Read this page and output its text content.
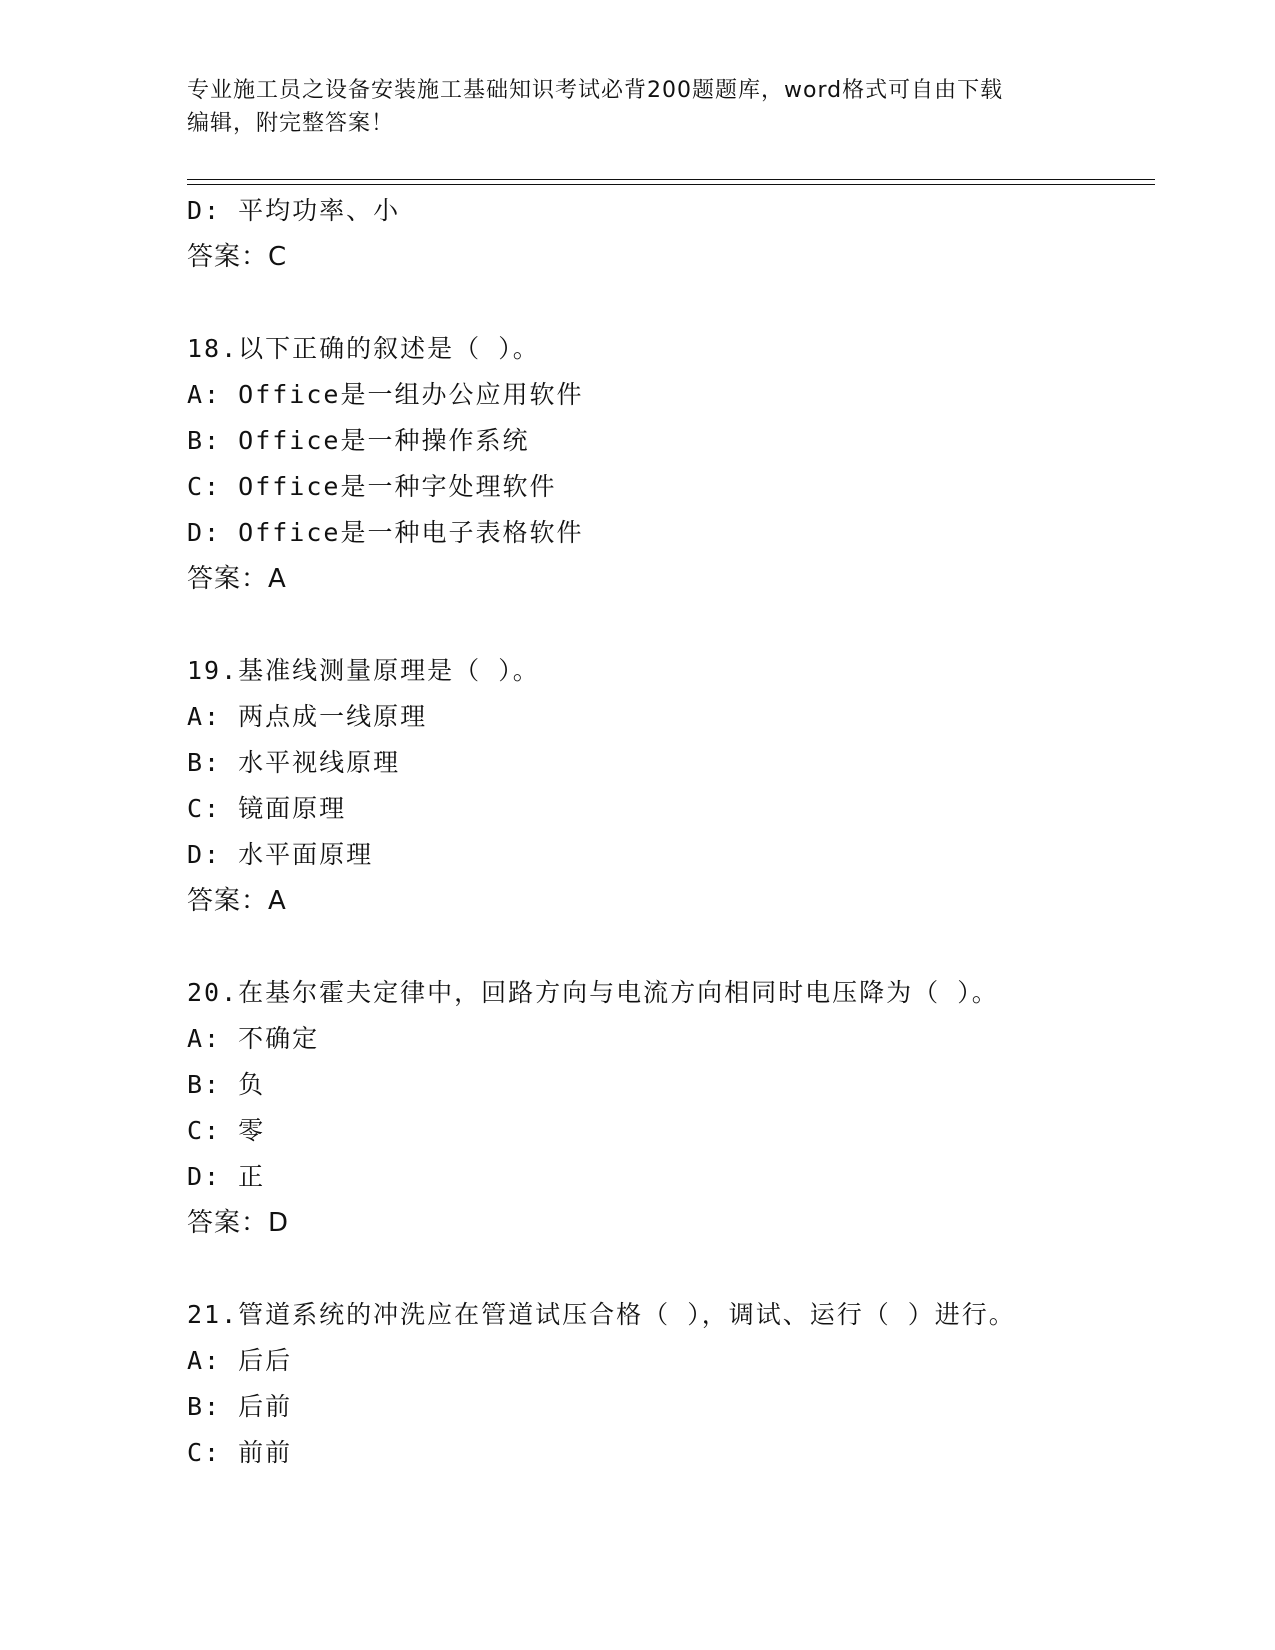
专业施工员之设备安装施工基础知识考试必背200题题库，word格式可自由下载
编辑，附完整答案！
D: 平均功率、小
答案：C
18.以下正确的叙述是（ ）。
A: Office是一组办公应用软件
B: Office是一种操作系统
C: Office是一种字处理软件
D: Office是一种电子表格软件
答案：A
19.基准线测量原理是（ ）。
A: 两点成一线原理
B: 水平视线原理
C: 镜面原理
D: 水平面原理
答案：A
20.在基尔霍夫定律中，回路方向与电流方向相同时电压降为（ ）。
A: 不确定
B: 负
C: 零
D: 正
答案：D
21.管道系统的冲洗应在管道试压合格（ ），调试、运行（ ）进行。
A: 后后
B: 后前
C: 前前
